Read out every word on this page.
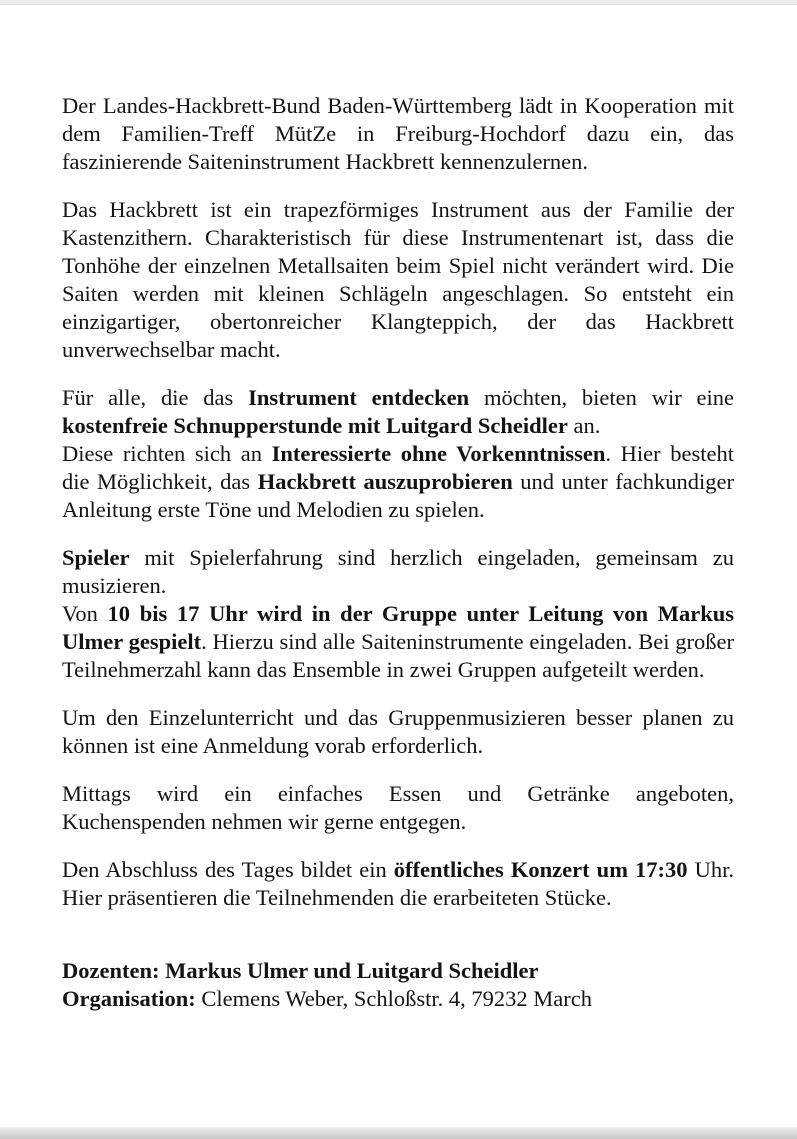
Der Landes-Hackbrett-Bund Baden-Württemberg lädt in Kooperation mit dem Familien-Treff MütZe in Freiburg-Hochdorf dazu ein, das faszinierende Saiteninstrument Hackbrett kennenzulernen.

Das Hackbrett ist ein trapezförmiges Instrument aus der Familie der Kastenzithern. Charakteristisch für diese Instrumentenart ist, dass die Tonhöhe der einzelnen Metallsaiten beim Spiel nicht verändert wird. Die Saiten werden mit kleinen Schlägeln angeschlagen. So entsteht ein einzigartiger, obertonreicher Klangteppich, der das Hackbrett unverwechselbar macht.

Für alle, die das Instrument entdecken möchten, bieten wir eine kostenfreie Schnupperstunde mit Luitgard Scheidler an.

Diese richten sich an Interessierte ohne Vorkenntnissen. Hier besteht die Möglichkeit, das Hackbrett auszuprobieren und unter fachkundiger Anleitung erste Töne und Melodien zu spielen.

Spieler mit Spielerfahrung sind herzlich eingeladen, gemeinsam zu musizieren.

Von 10 bis 17 Uhr wird in der Gruppe unter Leitung von Markus Ulmer gespielt. Hierzu sind alle Saiteninstrumente eingeladen. Bei großer Teilnehmerzahl kann das Ensemble in zwei Gruppen aufgeteilt werden.

Um den Einzelunterricht und das Gruppenmusizieren besser planen zu können ist eine Anmeldung vorab erforderlich.

Mittags wird ein einfaches Essen und Getränke angeboten, Kuchenspenden nehmen wir gerne entgegen.

Den Abschluss des Tages bildet ein öffentliches Konzert um 17:30 Uhr. Hier präsentieren die Teilnehmenden die erarbeiteten Stücke.

Dozenten: Markus Ulmer und Luitgard Scheidler

Organisation: Clemens Weber, Schloßstr. 4, 79232 March
